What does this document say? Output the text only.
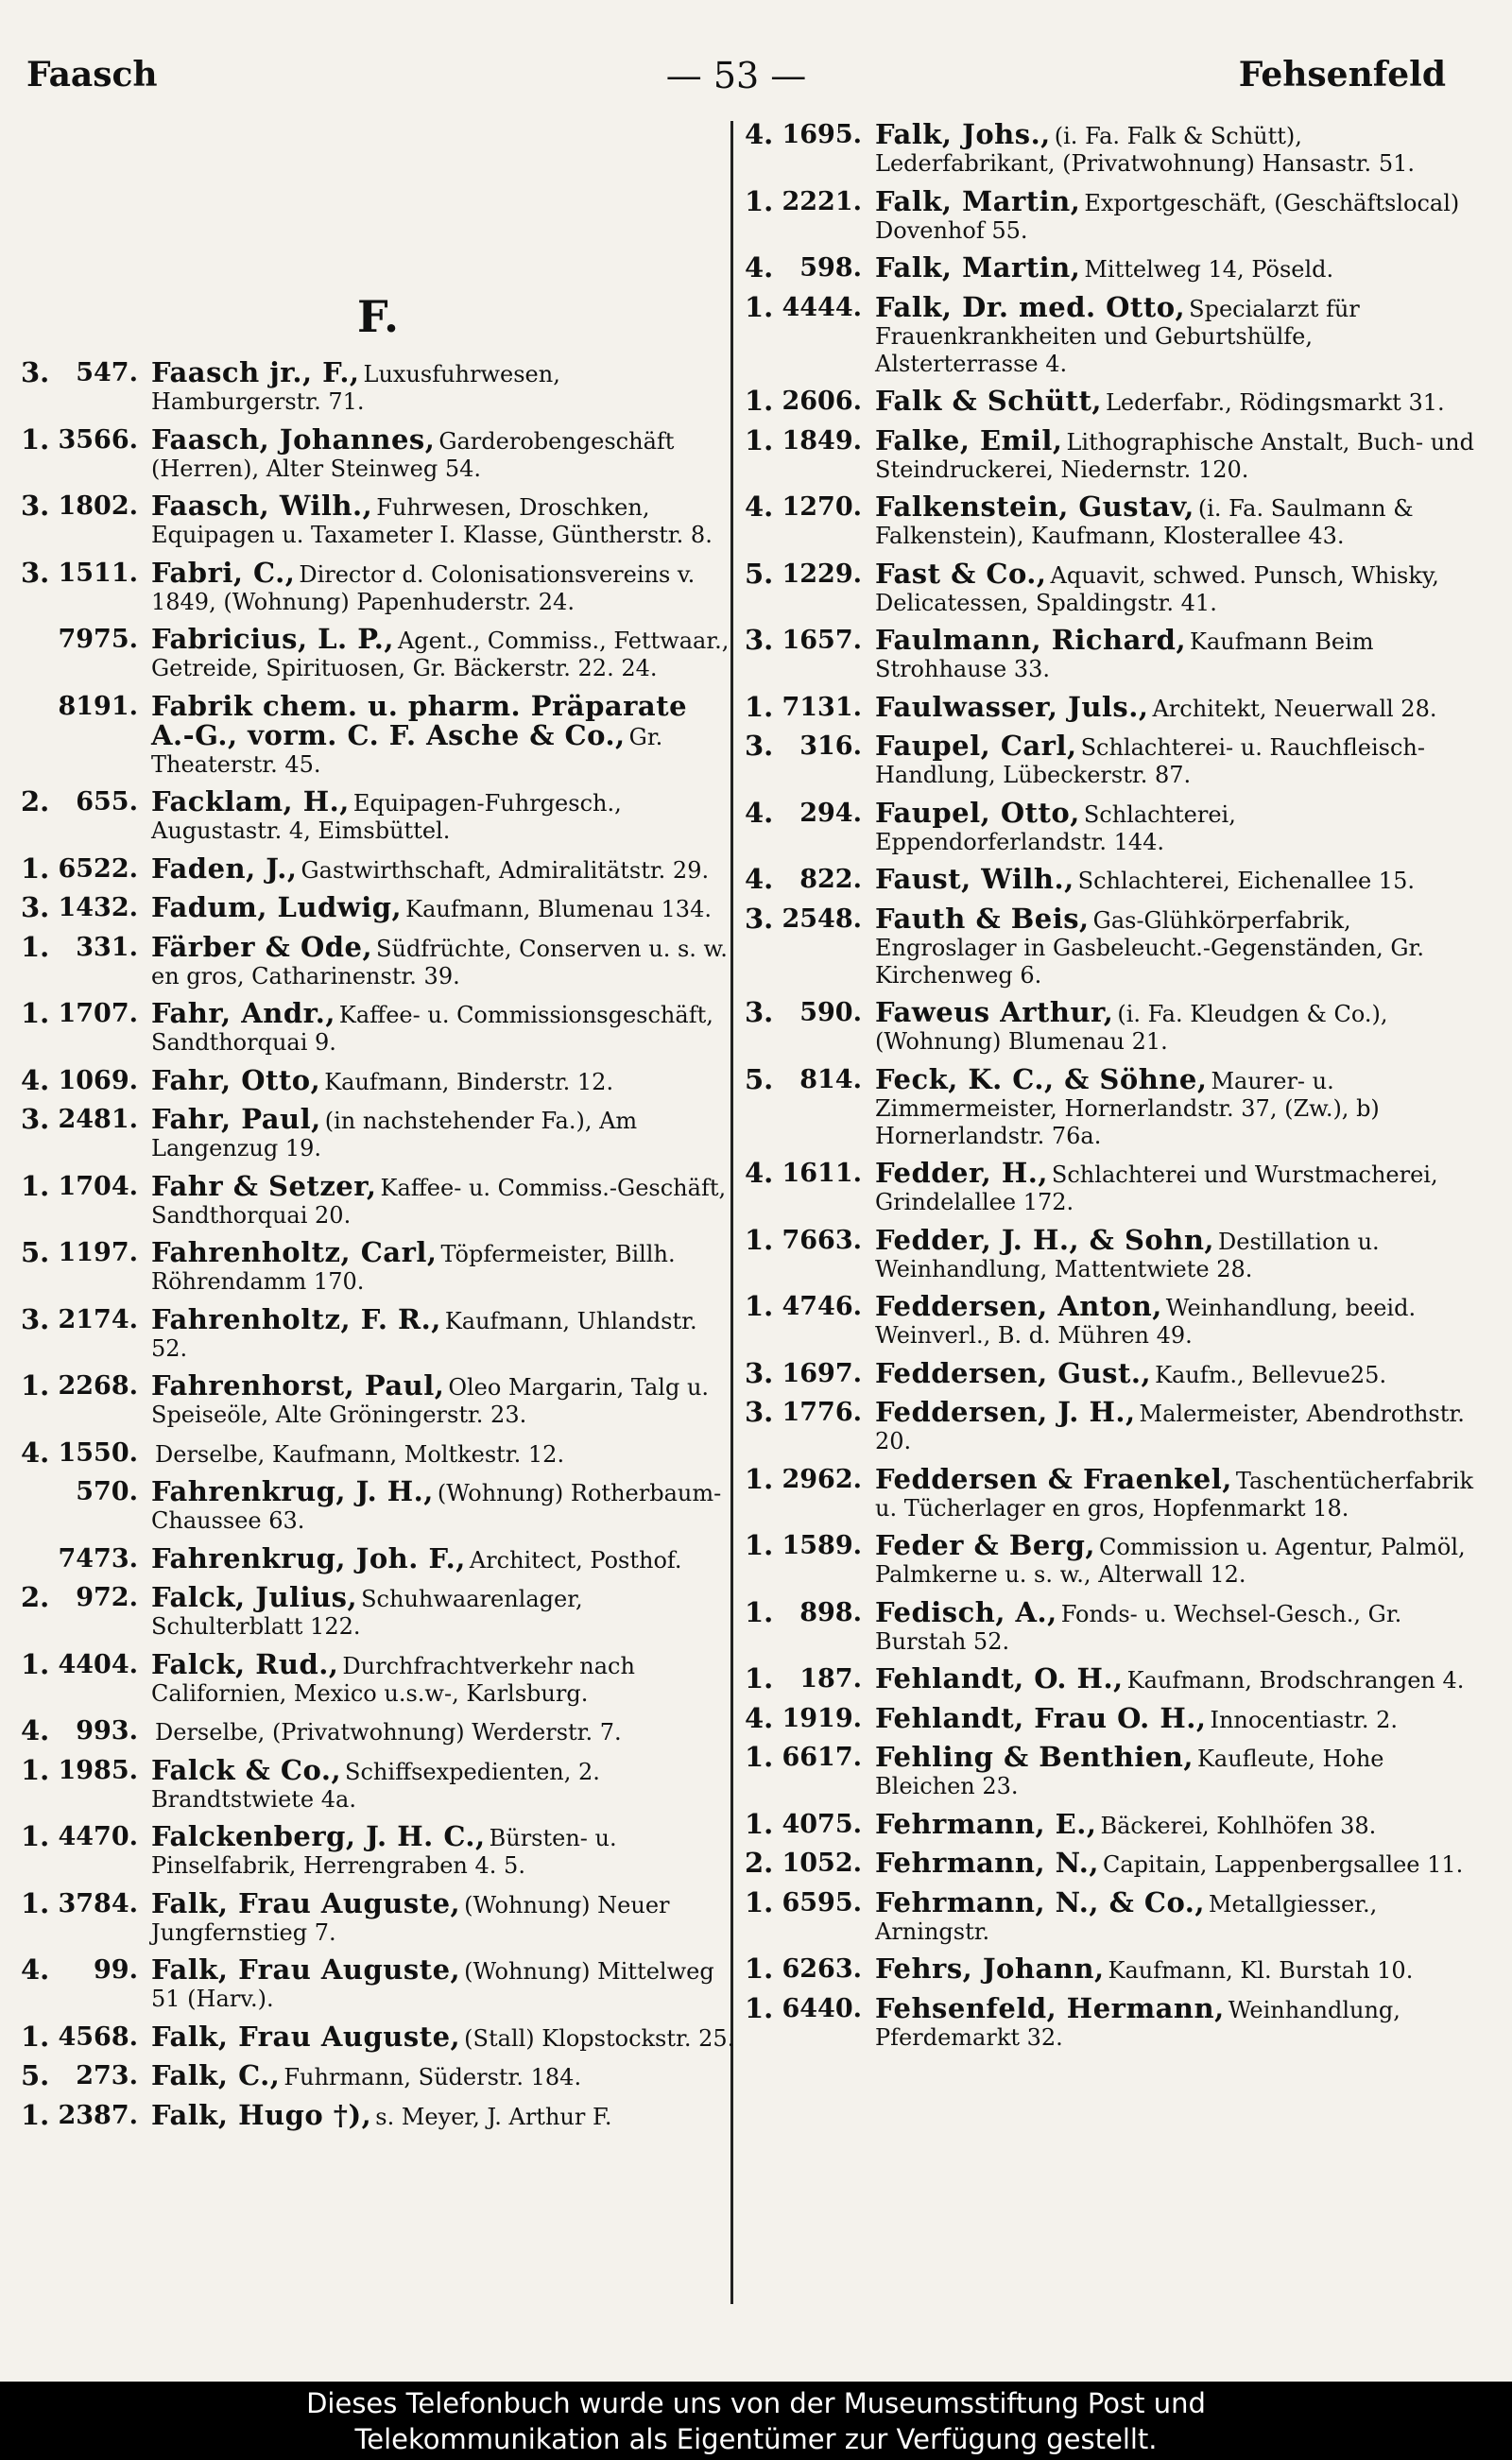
Faasch	— 53 —	Fehsenfeld
F.
3.	547. Faasch jr., F., Luxusfuhrwesen, Hamburgerstr. 71.
1. 3566. Faasch, Johannes, Garderobengeschäft (Herren), Alter Steinweg 54.
3. 1802. Faasch, Wilh., Fuhrwesen, Droschken, Equipagen u. Taxameter I. Klasse, Güntherstr. 8.
3. 1511. Fabri, C., Director d. Colonisationsvereins v. 1849, (Wohnung) Papenhuderstr. 24.
7975. Fabricius, L. P., Agent., Commiss., Fettwaar., Getreide, Spirituosen, Gr. Bäckerstr. 22. 24.
8191. Fabrik chem. u. pharm. Präparate A.-G., vorm. C. F. Asche & Co., Gr. Theaterstr. 45.
2.	655. Facklam, H., Equipagen-Fuhrgesch., Augustastr. 4, Eimsbüttel.
1. 6522. Faden, J., Gastwirthschaft, Admiralitätstr. 29.
3. 1432. Fadum, Ludwig, Kaufmann, Blumenau 134.
1.	331. Färber & Ode, Südfrüchte, Conserven u. s. w. en gros, Catharinenstr. 39.
1. 1707. Fahr, Andr., Kaffee- u. Commissionsgeschäft, Sandthorquai 9.
4. 1069. Fahr, Otto, Kaufmann, Binderstr. 12.
3. 2481. Fahr, Paul, (in nachstehender Fa.), Am Langenzug 19.
1. 1704. Fahr & Setzer, Kaffee- u. Commiss.-Geschäft, Sandthorquai 20.
5. 1197. Fahrenholtz, Carl, Töpfermeister, Billh. Röhrendamm 170.
3. 2174. Fahrenholtz, F. R., Kaufmann, Uhlandstr. 52.
1. 2268. Fahrenhorst, Paul, Oleo Margarin, Talg u. Speiseöle, Alte Gröningerstr. 23.
4. 1550. Derselbe, Kaufmann, Moltkestr. 12.
570. Fahrenkrug, J. H., (Wohnung) Rotherbaum-Chaussee 63.
7473. Fahrenkrug, Joh. F., Architect, Posthof.
2.	972. Falck, Julius, Schuhwaarenlager, Schulterblatt 122.
1. 4404. Falck, Rud., Durchfrachtverkehr nach Californien, Mexico u.s.w-, Karlsburg.
4.	993. Derselbe, (Privatwohnung) Werderstr. 7.
1. 1985. Falck & Co., Schiffsexpedienten, 2. Brandtstwiete 4a.
1. 4470. Falckenberg, J. H. C., Bürsten- u. Pinselfabrik, Herrengraben 4. 5.
1. 3784. Falk, Frau Auguste, (Wohnung) Neuer Jungfernstieg 7.
4.	99. Falk, Frau Auguste, (Wohnung) Mittelweg 51 (Harv.).
1. 4568. Falk, Frau Auguste, (Stall) Klopstockstr. 25.
5.	273. Falk, C., Fuhrmann, Süderstr. 184.
1. 2387. Falk, Hugo †), s. Meyer, J. Arthur F.
4. 1695. Falk, Johs., (i. Fa. Falk & Schütt), Lederfabrikant, (Privatwohnung) Hansastr. 51.
1. 2221. Falk, Martin, Exportgeschäft, (Geschäftslocal) Dovenhof 55.
4.	598. Falk, Martin, Mittelweg 14, Pöseld.
1. 4444. Falk, Dr. med. Otto, Specialarzt für Frauenkrankheiten und Geburtshülfe, Alsterterrasse 4.
1. 2606. Falk & Schütt, Lederfabr., Rödingsmarkt 31.
1. 1849. Falke, Emil, Lithographische Anstalt, Buch- und Steindruckerei, Niedernstr. 120.
4. 1270. Falkenstein, Gustav, (i. Fa. Saulmann & Falkenstein), Kaufmann, Klosterallee 43.
5. 1229. Fast & Co., Aquavit, schwed. Punsch, Whisky, Delicatessen, Spaldingstr. 41.
3. 1657. Faulmann, Richard, Kaufmann Beim Strohhause 33.
1. 7131. Faulwasser, Juls., Architekt, Neuerwall 28.
3.	316. Faupel, Carl, Schlachterei- u. Rauchfleisch-Handlung, Lübeckerstr. 87.
4.	294. Faupel, Otto, Schlachterei, Eppendorferlandstr. 144.
4.	822. Faust, Wilh., Schlachterei, Eichenallee 15.
3. 2548. Fauth & Beis, Gas-Glühkörperfabrik, Engroslager in Gasbeleucht.-Gegenständen, Gr. Kirchenweg 6.
3.	590. Faweus Arthur, (i. Fa. Kleudgen & Co.), (Wohnung) Blumenau 21.
5.	814. Feck, K. C., & Söhne, Maurer- u. Zimmermeister, Hornerlandstr. 37, (Zw.), b) Hornerlandstr. 76a.
4. 1611. Fedder, H., Schlachterei und Wurstmacherei, Grindelallee 172.
1. 7663. Fedder, J. H., & Sohn, Destillation u. Weinhandlung, Mattentwiete 28.
1. 4746. Feddersen, Anton, Weinhandlung, beeid. Weinverl., B. d. Mühren 49.
3. 1697. Feddersen, Gust., Kaufm., Bellevue25.
3. 1776. Feddersen, J. H., Malermeister, Abendrothstr. 20.
1. 2962. Feddersen & Fraenkel, Taschentücherfabrik u. Tücherlager en gros, Hopfenmarkt 18.
1. 1589. Feder & Berg, Commission u. Agentur, Palmöl, Palmkerne u. s. w., Alterwall 12.
1.	898. Fedisch, A., Fonds- u. Wechsel-Gesch., Gr. Burstah 52.
1.	187. Fehlandt, O. H., Kaufmann, Brodschrangen 4.
4. 1919. Fehlandt, Frau O. H., Innocentiastr. 2.
1. 6617. Fehling & Benthien, Kaufleute, Hohe Bleichen 23.
1. 4075. Fehrmann, E., Bäckerei, Kohlhöfen 38.
2. 1052. Fehrmann, N., Capitain, Lappenbergsallee 11.
1. 6595. Fehrmann, N., & Co., Metallgiesser., Arningstr.
1. 6263. Fehrs, Johann, Kaufmann, Kl. Burstah 10.
1. 6440. Fehsenfeld, Hermann, Weinhandlung, Pferdemarkt 32.
Dieses Telefonbuch wurde uns von der Museumsstiftung Post und
Telekommunikation als Eigentümer zur Verfügung gestellt.
